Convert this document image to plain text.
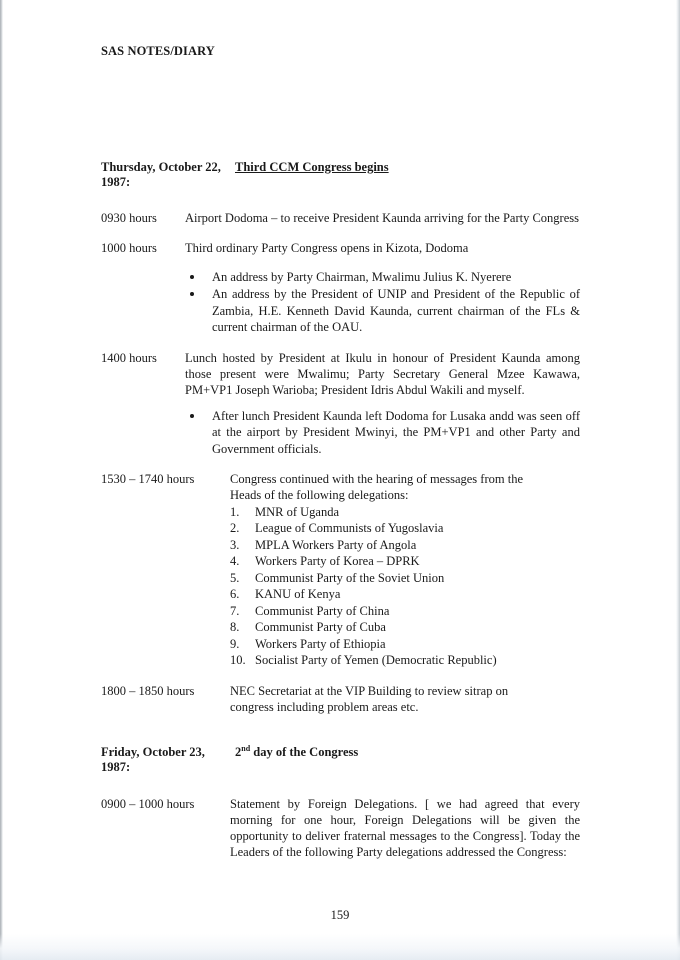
SAS NOTES/DIARY
Thursday, October 22, 1987:
Third CCM Congress begins
0930 hours	Airport Dodoma – to receive President Kaunda arriving for the Party Congress

1000 hours	Third ordinary Party Congress opens in Kizota, Dodoma

An address by Party Chairman, Mwalimu Julius K. Nyerere
An address by the President of UNIP and President of the Republic of Zambia, H.E. Kenneth David Kaunda, current chairman of the FLs & current chairman of the OAU.
1400 hours	Lunch hosted by President at Ikulu in honour of President Kaunda among those present were Mwalimu; Party Secretary General Mzee Kawawa, PM+VP1 Joseph Warioba; President Idris Abdul Wakili and myself.

After lunch President Kaunda left Dodoma for Lusaka andd was seen off at the airport by President Mwinyi, the PM+VP1 and other Party and Government officials.
1530 – 1740 hours	Congress continued with the hearing of messages from the

Heads of the following delegations:

1.	MNR of Uganda
2.	League of Communists of Yugoslavia
3.	MPLA Workers Party of Angola
4.	Workers Party of Korea – DPRK
5.	Communist Party of the Soviet Union
6.	KANU of Kenya
7.	Communist Party of China
8.	Communist Party of Cuba
9.	Workers Party of Ethiopia
10. Socialist Party of Yemen (Democratic Republic)
1800 – 1850 hours	NEC Secretariat at the VIP Building to review sitrap on

congress including problem areas etc.

Friday, October 23, 1987:
2nd day of the Congress
0900 – 1000 hours	Statement by Foreign Delegations. [ we had agreed that every morning for one hour, Foreign Delegations will be given the opportunity to deliver fraternal messages to the Congress]. Today the Leaders of the following Party delegations addressed the Congress:

159
